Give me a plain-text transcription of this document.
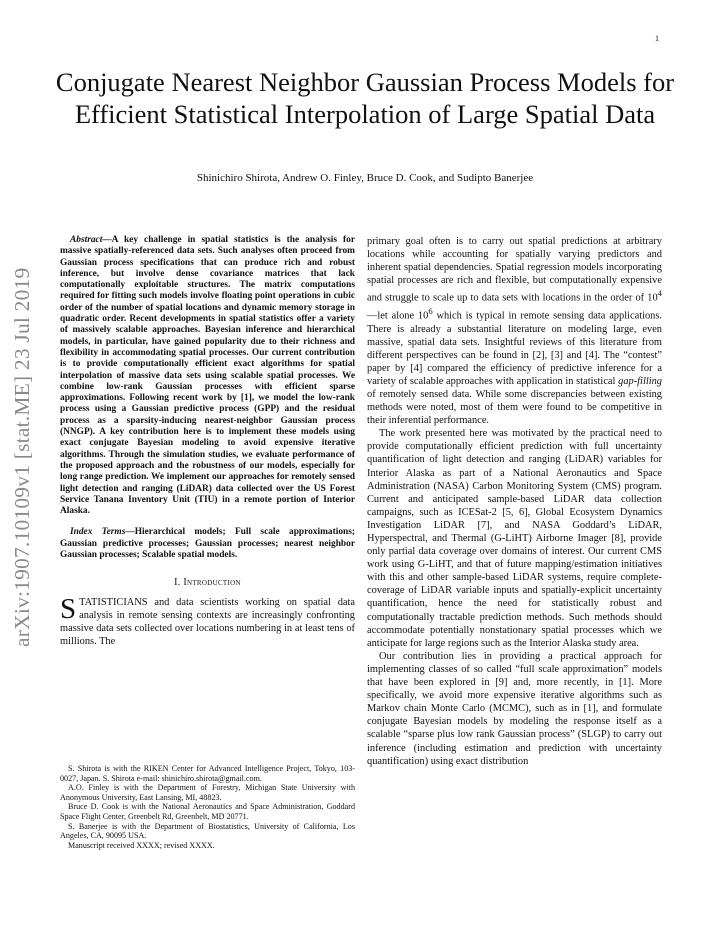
1
arXiv:1907.10109v1 [stat.ME] 23 Jul 2019
Conjugate Nearest Neighbor Gaussian Process Models for Efficient Statistical Interpolation of Large Spatial Data
Shinichiro Shirota, Andrew O. Finley, Bruce D. Cook, and Sudipto Banerjee

Abstract—A key challenge in spatial statistics is the analysis for massive spatially-referenced data sets. Such analyses often proceed from Gaussian process specifications that can produce rich and robust inference, but involve dense covariance matrices that lack computationally exploitable structures. The matrix computations required for fitting such models involve floating point operations in cubic order of the number of spatial locations and dynamic memory storage in quadratic order. Recent developments in spatial statistics offer a variety of massively scalable approaches. Bayesian inference and hierarchical models, in particular, have gained popularity due to their richness and flexibility in accommodating spatial processes. Our current contribution is to provide computationally efficient exact algorithms for spatial interpolation of massive data sets using scalable spatial processes. We combine low-rank Gaussian processes with efficient sparse approximations. Following recent work by [1], we model the low-rank process using a Gaussian predictive process (GPP) and the residual process as a sparsity-inducing nearest-neighbor Gaussian process (NNGP). A key contribution here is to implement these models using exact conjugate Bayesian modeling to avoid expensive iterative algorithms. Through the simulation studies, we evaluate performance of the proposed approach and the robustness of our models, especially for long range prediction. We implement our approaches for remotely sensed light detection and ranging (LiDAR) data collected over the US Forest Service Tanana Inventory Unit (TIU) in a remote portion of Interior Alaska.

Index Terms—Hierarchical models; Full scale approximations; Gaussian predictive processes; Gaussian processes; nearest neighbor Gaussian processes; Scalable spatial models.

I. Introduction

STATISTICIANS and data scientists working on spatial data analysis in remote sensing contexts are increasingly confronting massive data sets collected over locations numbering in at least tens of millions. The

S. Shirota is with the RIKEN Center for Advanced Intelligence Project, Tokyo, 103-0027, Japan. S. Shirota e-mail: shinichiro.shirota@gmail.com.

A.O. Finley is with the Department of Forestry, Michigan State University with Anonymous University, East Lansing, MI, 48823.

Bruce D. Cook is with the National Aeronautics and Space Administration, Goddard Space Flight Center, Greenbelt Rd, Greenbelt, MD 20771.

S. Banerjee is with the Department of Biostatistics, University of California, Los Angeles, CA, 90095 USA.

Manuscript received XXXX; revised XXXX.

primary goal often is to carry out spatial predictions at arbitrary locations while accounting for spatially varying predictors and inherent spatial dependencies. Spatial regression models incorporating spatial processes are rich and flexible, but computationally expensive and struggle to scale up to data sets with locations in the order of $10^4—let$ alone $10^6$ which is typical in remote sensing data applications. There is already a substantial literature on modeling large, even massive, spatial data sets. Insightful reviews of this literature from different perspectives can be found in [2], [3] and [4]. The “contest” paper by [4] compared the efficiency of predictive inference for a variety of scalable approaches with application in statistical gap-filling of remotely sensed data. While some discrepancies between existing methods were noted, most of them were found to be competitive in their inferential performance.

The work presented here was motivated by the practical need to provide computationally efficient prediction with full uncertainty quantification of light detection and ranging (LiDAR) variables for Interior Alaska as part of a National Aeronautics and Space Administration (NASA) Carbon Monitoring System (CMS) program. Current and anticipated sample-based LiDAR data collection campaigns, such as ICESat-2 [5, 6], Global Ecosystem Dynamics Investigation LiDAR [7], and NASA Goddard’s LiDAR, Hyperspectral, and Thermal (G-LiHT) Airborne Imager [8], provide only partial data coverage over domains of interest. Our current CMS work using G-LiHT, and that of future mapping/estimation initiatives with this and other sample-based LiDAR systems, require complete-coverage of LiDAR variable inputs and spatially-explicit uncertainty quantification, hence the need for statistically robust and computationally tractable prediction methods. Such methods should accommodate potentially nonstationary spatial processes which we anticipate for large regions such as the Interior Alaska study area.

Our contribution lies in providing a practical approach for implementing classes of so called “full scale approximation” models that have been explored in [9] and, more recently, in [1]. More specifically, we avoid more expensive iterative algorithms such as Markov chain Monte Carlo (MCMC), such as in [1], and formulate conjugate Bayesian models by modeling the response itself as a scalable “sparse plus low rank Gaussian process” (SLGP) to carry out inference (including estimation and prediction with uncertainty quantification) using exact distribution
